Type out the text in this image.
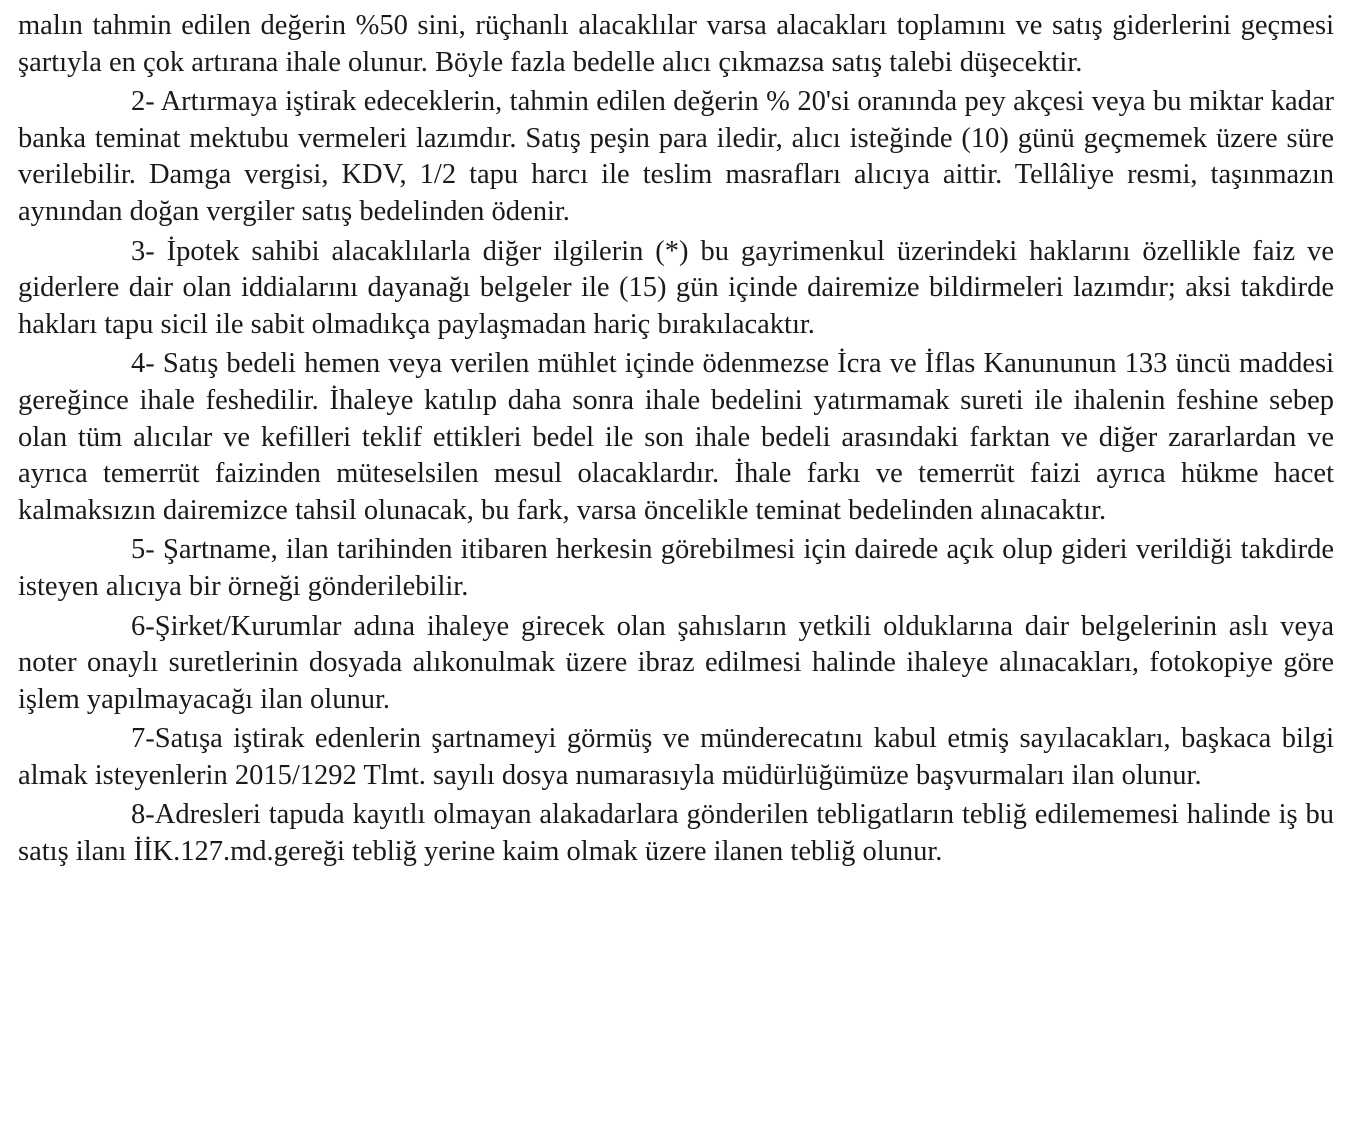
malın tahmin edilen değerin %50 sini, rüçhanlı alacaklılar varsa alacakları toplamını ve satış giderlerini geçmesi şartıyla en çok artırana ihale olunur. Böyle fazla bedelle alıcı çıkmazsa satış talebi düşecektir.

2- Artırmaya iştirak edeceklerin, tahmin edilen değerin % 20'si oranında pey akçesi veya bu miktar kadar banka teminat mektubu vermeleri lazımdır. Satış peşin para iledir, alıcı isteğinde (10) günü geçmemek üzere süre verilebilir. Damga vergisi, KDV, 1/2 tapu harcı ile teslim masrafları alıcıya aittir. Tellâliye resmi, taşınmazın aynından doğan vergiler satış bedelinden ödenir.

3- İpotek sahibi alacaklılarla diğer ilgilerin (*) bu gayrimenkul üzerindeki haklarını özellikle faiz ve giderlere dair olan iddialarını dayanağı belgeler ile (15) gün içinde dairemize bildirmeleri lazımdır; aksi takdirde hakları tapu sicil ile sabit olmadıkça paylaşmadan hariç bırakılacaktır.

4- Satış bedeli hemen veya verilen mühlet içinde ödenmezse İcra ve İflas Kanununun 133 üncü maddesi gereğince ihale feshedilir. İhaleye katılıp daha sonra ihale bedelini yatırmamak sureti ile ihalenin feshine sebep olan tüm alıcılar ve kefilleri teklif ettikleri bedel ile son ihale bedeli arasındaki farktan ve diğer zararlardan ve ayrıca temerrüt faizinden müteselsilen mesul olacaklardır. İhale farkı ve temerrüt faizi ayrıca hükme hacet kalmaksızın dairemizce tahsil olunacak, bu fark, varsa öncelikle teminat bedelinden alınacaktır.

5- Şartname, ilan tarihinden itibaren herkesin görebilmesi için dairede açık olup gideri verildiği takdirde isteyen alıcıya bir örneği gönderilebilir.

6-Şirket/Kurumlar adına ihaleye girecek olan şahısların yetkili olduklarına dair belgelerinin aslı veya noter onaylı suretlerinin dosyada alıkonulmak üzere ibraz edilmesi halinde ihaleye alınacakları, fotokopiye göre işlem yapılmayacağı ilan olunur.

7-Satışa iştirak edenlerin şartnameyi görmüş ve münderecatını kabul etmiş sayılacakları, başkaca bilgi almak isteyenlerin 2015/1292 Tlmt. sayılı dosya numarasıyla müdürlüğümüze başvurmaları ilan olunur.

8-Adresleri tapuda kayıtlı olmayan alakadarlara gönderilen tebligatların tebliğ edilememesi halinde iş bu satış ilanı İİK.127.md.gereği tebliğ yerine kaim olmak üzere ilanen tebliğ olunur.
